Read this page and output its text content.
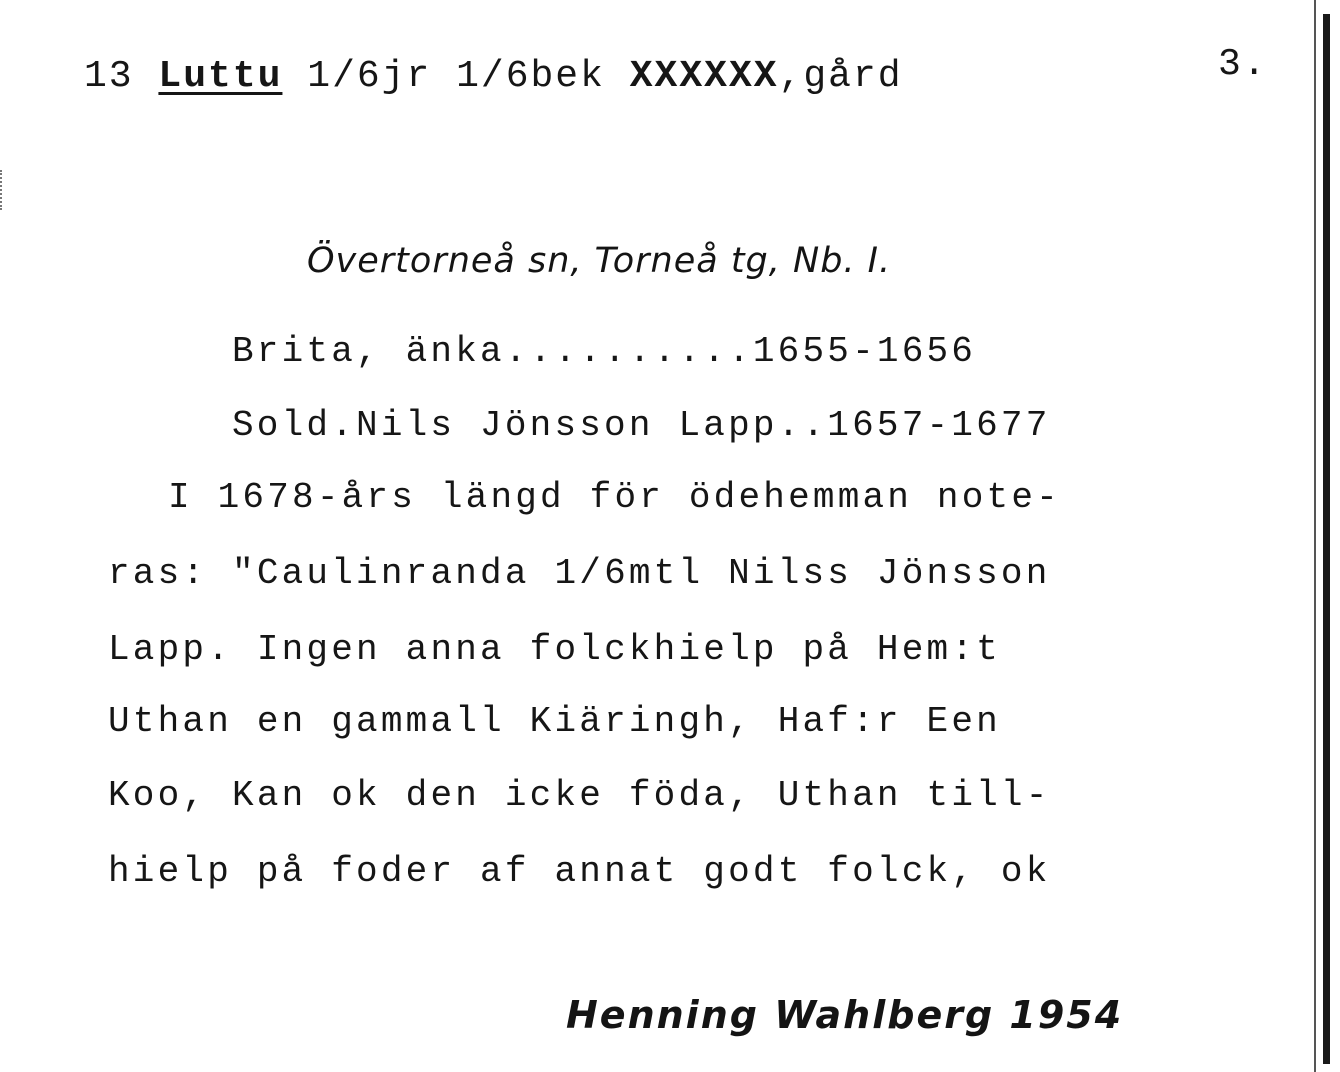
13 Luttu 1/6jr 1/6bek XXXXXX,gård	3.
Övertorneå sn, Torneå tg, Nb. I.
Brita, änka..........1655-1656
Sold.Nils Jönsson Lapp..1657-1677
I 1678-års längd för ödehemman note-
ras: "Caulinranda 1/6mtl Nilss Jönsson
Lapp. Ingen anna folckhielp på Hem:t
Uthan en gammall Kiäringh, Haf:r Een
Koo, Kan ok den icke föda, Uthan till-
hielp på foder af annat godt folck, ok
Henning Wahlberg 1954
